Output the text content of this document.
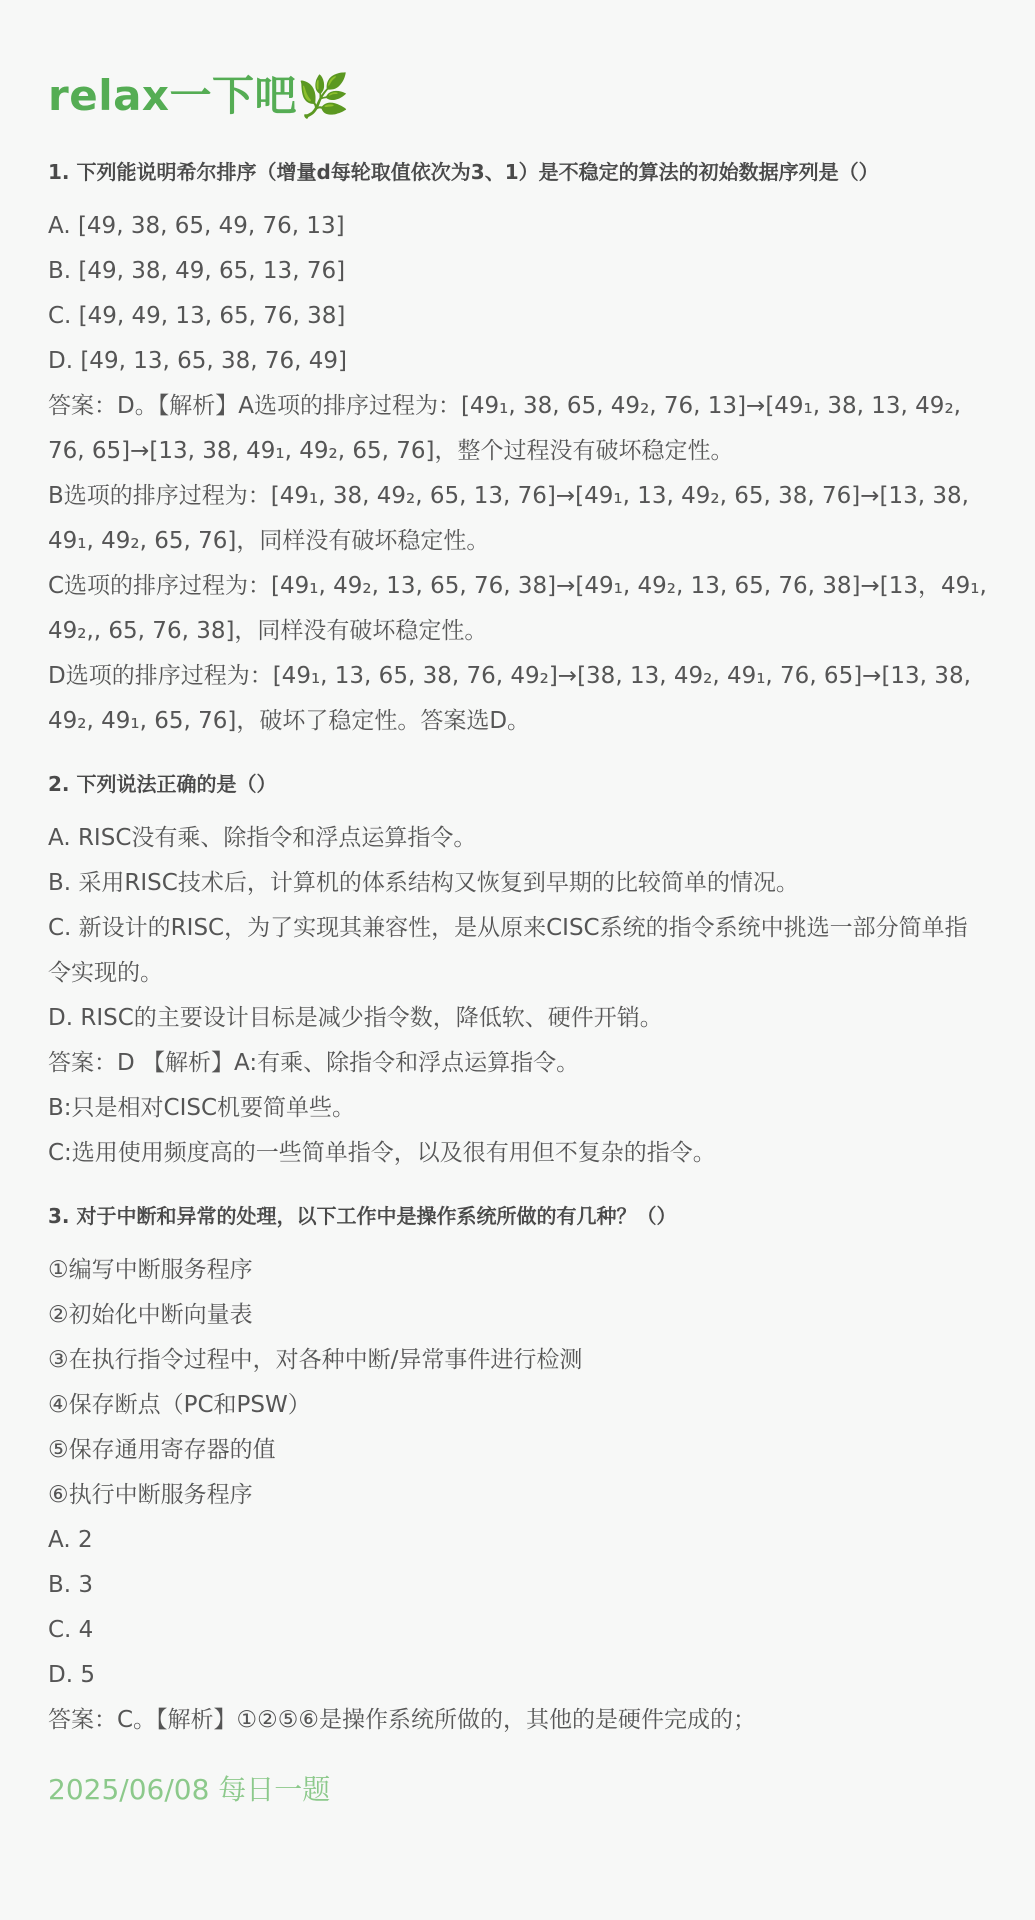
relax一下吧🌿
1. 下列能说明希尔排序（增量d每轮取值依次为3、1）是不稳定的算法的初始数据序列是（）

A. [49, 38, 65, 49, 76, 13]

B. [49, 38, 49, 65, 13, 76]

C. [49, 49, 13, 65, 76, 38]

D. [49, 13, 65, 38, 76, 49]

答案：D。【解析】A选项的排序过程为：[49₁, 38, 65, 49₂, 76, 13]→[49₁, 38, 13, 49₂, 76, 65]→[13, 38, 49₁, 49₂, 65, 76]，整个过程没有破坏稳定性。

B选项的排序过程为：[49₁, 38, 49₂, 65, 13, 76]→[49₁, 13, 49₂, 65, 38, 76]→[13, 38, 49₁, 49₂, 65, 76]，同样没有破坏稳定性。

C选项的排序过程为：[49₁, 49₂, 13, 65, 76, 38]→[49₁, 49₂, 13, 65, 76, 38]→[13，49₁, 49₂,, 65, 76, 38]，同样没有破坏稳定性。

D选项的排序过程为：[49₁, 13, 65, 38, 76, 49₂]→[38, 13, 49₂, 49₁, 76, 65]→[13, 38, 49₂, 49₁, 65, 76]，破坏了稳定性。答案选D。

2. 下列说法正确的是（）

A. RISC没有乘、除指令和浮点运算指令。

B. 采用RISC技术后，计算机的体系结构又恢复到早期的比较简单的情况。

C. 新设计的RISC，为了实现其兼容性，是从原来CISC系统的指令系统中挑选一部分简单指令实现的。

D. RISC的主要设计目标是减少指令数，降低软、硬件开销。

答案：D 【解析】A:有乘、除指令和浮点运算指令。

B:只是相对CISC机要简单些。

C:选用使用频度高的一些简单指令，以及很有用但不复杂的指令。

3. 对于中断和异常的处理，以下工作中是操作系统所做的有几种？（）

①编写中断服务程序

②初始化中断向量表

③在执行指令过程中，对各种中断/异常事件进行检测

④保存断点（PC和PSW）

⑤保存通用寄存器的值

⑥执行中断服务程序

A. 2

B. 3

C. 4

D. 5

答案：C。【解析】①②⑤⑥是操作系统所做的，其他的是硬件完成的；

2025/06/08 每日一题
